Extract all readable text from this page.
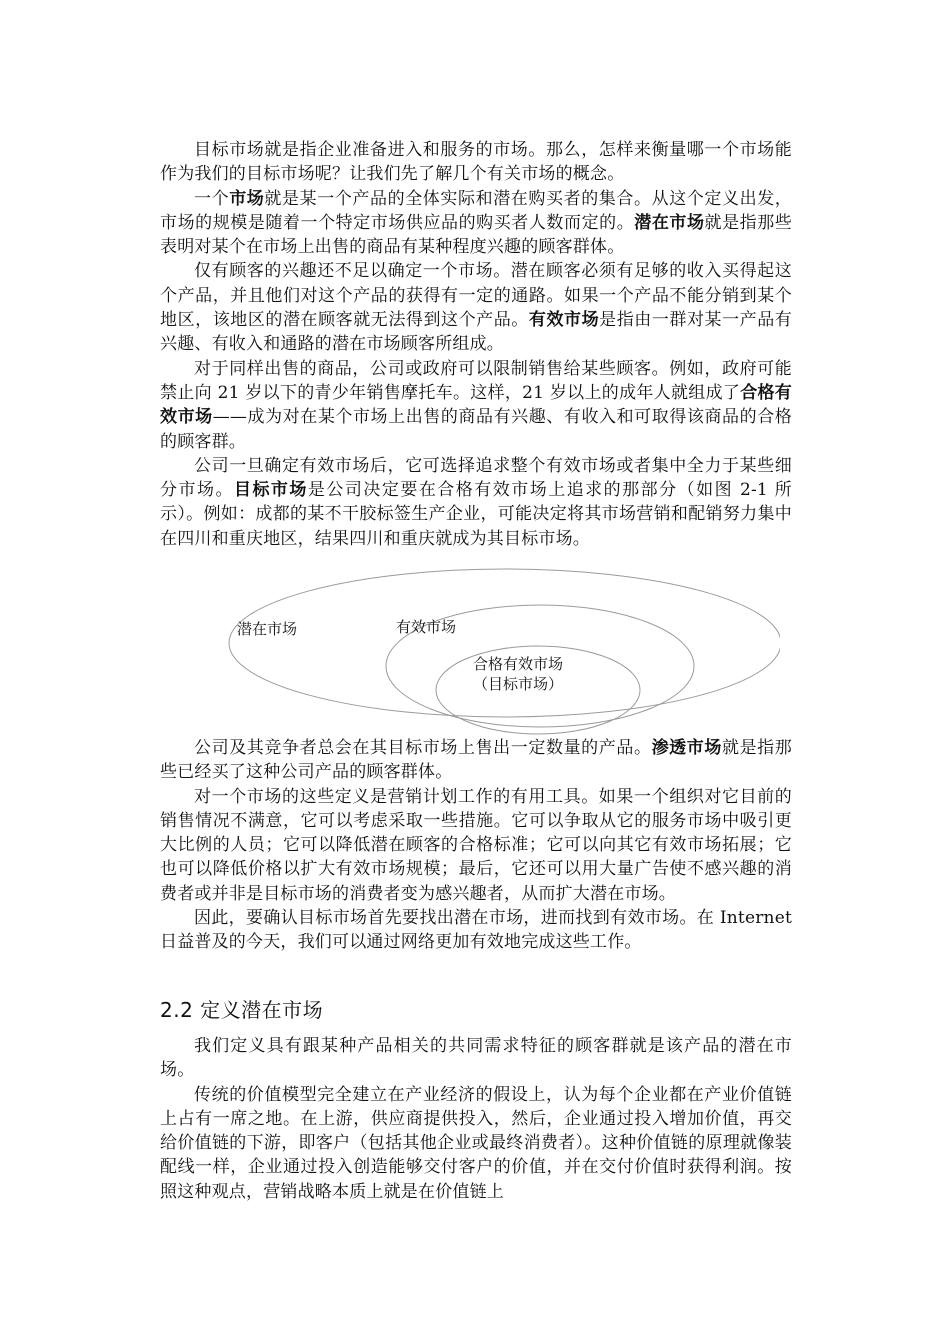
目标市场就是指企业准备进入和服务的市场。那么，怎样来衡量哪一个市场能作为我们的目标市场呢？让我们先了解几个有关市场的概念。

一个市场就是某一个产品的全体实际和潜在购买者的集合。从这个定义出发，市场的规模是随着一个特定市场供应品的购买者人数而定的。潜在市场就是指那些表明对某个在市场上出售的商品有某种程度兴趣的顾客群体。

仅有顾客的兴趣还不足以确定一个市场。潜在顾客必须有足够的收入买得起这个产品，并且他们对这个产品的获得有一定的通路。如果一个产品不能分销到某个地区，该地区的潜在顾客就无法得到这个产品。有效市场是指由一群对某一产品有兴趣、有收入和通路的潜在市场顾客所组成。

对于同样出售的商品，公司或政府可以限制销售给某些顾客。例如，政府可能禁止向 21 岁以下的青少年销售摩托车。这样，21 岁以上的成年人就组成了合格有效市场——成为对在某个市场上出售的商品有兴趣、有收入和可取得该商品的合格的顾客群。

公司一旦确定有效市场后，它可选择追求整个有效市场或者集中全力于某些细分市场。目标市场是公司决定要在合格有效市场上追求的那部分（如图 2-1 所示）。例如：成都的某不干胶标签生产企业，可能决定将其市场营销和配销努力集中在四川和重庆地区，结果四川和重庆就成为其目标市场。

潜在市场	有效市场
合格有效市场
（目标市场）

公司及其竞争者总会在其目标市场上售出一定数量的产品。渗透市场就是指那些已经买了这种公司产品的顾客群体。

对一个市场的这些定义是营销计划工作的有用工具。如果一个组织对它目前的销售情况不满意，它可以考虑采取一些措施。它可以争取从它的服务市场中吸引更大比例的人员；它可以降低潜在顾客的合格标准；它可以向其它有效市场拓展；它也可以降低价格以扩大有效市场规模；最后，它还可以用大量广告使不感兴趣的消费者或并非是目标市场的消费者变为感兴趣者，从而扩大潜在市场。

因此，要确认目标市场首先要找出潜在市场，进而找到有效市场。在 Internet 日益普及的今天，我们可以通过网络更加有效地完成这些工作。

2.2 定义潜在市场

我们定义具有跟某种产品相关的共同需求特征的顾客群就是该产品的潜在市场。

传统的价值模型完全建立在产业经济的假设上，认为每个企业都在产业价值链上占有一席之地。在上游，供应商提供投入，然后，企业通过投入增加价值，再交给价值链的下游，即客户（包括其他企业或最终消费者）。这种价值链的原理就像装配线一样，企业通过投入创造能够交付客户的价值，并在交付价值时获得利润。按照这种观点，营销战略本质上就是在价值链上
